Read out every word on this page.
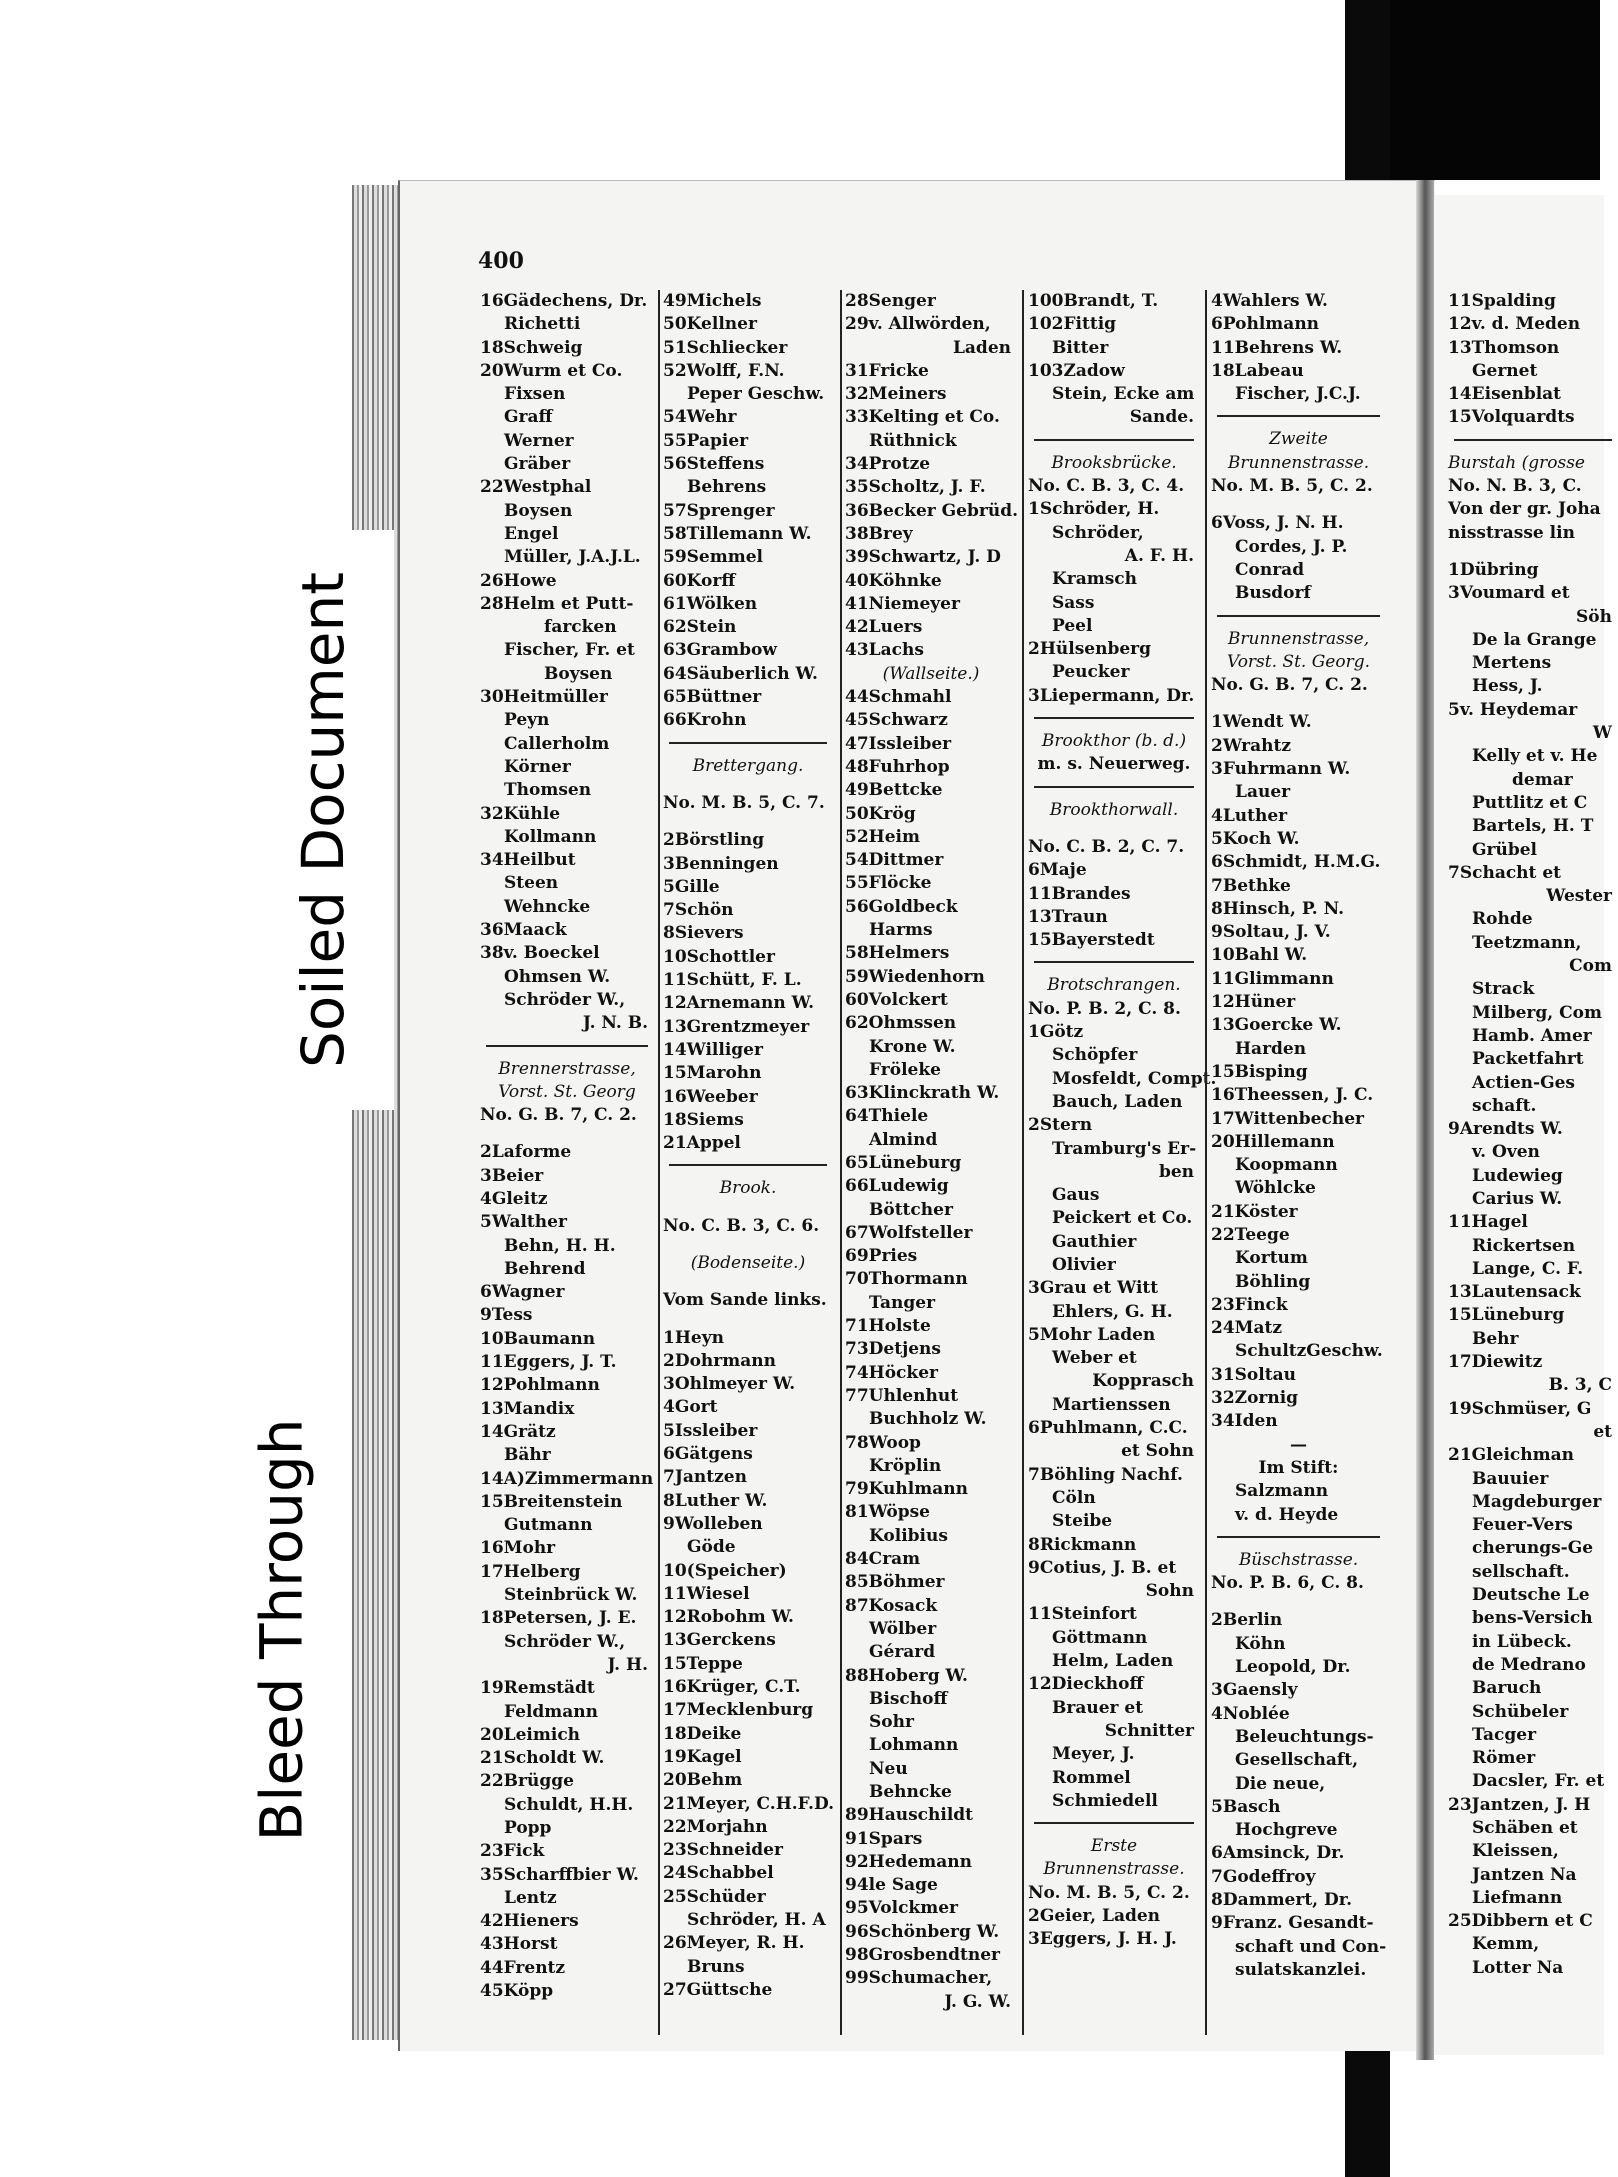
Soiled Document
Bleed Through
400
16Gädechens, Dr.
Richetti
18Schweig
20Wurm et Co.
Fixsen
Graff
Werner
Gräber
22Westphal
Boysen
Engel
Müller, J.A.J.L.
26Howe
28Helm et Putt-
farcken
Fischer, Fr. et
Boysen
30Heitmüller
Peyn
Callerholm
Körner
Thomsen
32Kühle
Kollmann
34Heilbut
Steen
Wehncke
36Maack
38v. Boeckel
Ohmsen W.
Schröder W.,
J. N. B.
Brennerstrasse,
Vorst. St. Georg
No. G. B. 7, C. 2.
2Laforme
3Beier
4Gleitz
5Walther
Behn, H. H.
Behrend
6Wagner
9Tess
10Baumann
11Eggers, J. T.
12Pohlmann
13Mandix
14Grätz
Bähr
14A)Zimmermann
15Breitenstein
Gutmann
16Mohr
17Helberg
Steinbrück W.
18Petersen, J. E.
Schröder W.,
J. H.
19Remstädt
Feldmann
20Leimich
21Scholdt W.
22Brügge
Schuldt, H.H.
Popp
23Fick
35Scharffbier W.
Lentz
42Hieners
43Horst
44Frentz
45Köpp
49Michels
50Kellner
51Schliecker
52Wolff, F.N.
Peper Geschw.
54Wehr
55Papier
56Steffens
Behrens
57Sprenger
58Tillemann W.
59Semmel
60Korff
61Wölken
62Stein
63Grambow
64Säuberlich W.
65Büttner
66Krohn
Brettergang.
No. M. B. 5, C. 7.
2Börstling
3Benningen
5Gille
7Schön
8Sievers
10Schottler
11Schütt, F. L.
12Arnemann W.
13Grentzmeyer
14Williger
15Marohn
16Weeber
18Siems
21Appel
Brook.
No. C. B. 3, C. 6.
(Bodenseite.)
Vom Sande links.
1Heyn
2Dohrmann
3Ohlmeyer W.
4Gort
5Issleiber
6Gätgens
7Jantzen
8Luther W.
9Wolleben
Göde
10(Speicher)
11Wiesel
12Robohm W.
13Gerckens
15Teppe
16Krüger, C.T.
17Mecklenburg
18Deike
19Kagel
20Behm
21Meyer, C.H.F.D.
22Morjahn
23Schneider
24Schabbel
25Schüder
Schröder, H. A
26Meyer, R. H.
Bruns
27Güttsche
28Senger
29v. Allwörden,
Laden
31Fricke
32Meiners
33Kelting et Co.
Rüthnick
34Protze
35Scholtz, J. F.
36Becker Gebrüd.
38Brey
39Schwartz, J. D
40Köhnke
41Niemeyer
42Luers
43Lachs
(Wallseite.)
44Schmahl
45Schwarz
47Issleiber
48Fuhrhop
49Bettcke
50Krög
52Heim
54Dittmer
55Flöcke
56Goldbeck
Harms
58Helmers
59Wiedenhorn
60Volckert
62Ohmssen
Krone W.
Fröleke
63Klinckrath W.
64Thiele
Almind
65Lüneburg
66Ludewig
Böttcher
67Wolfsteller
69Pries
70Thormann
Tanger
71Holste
73Detjens
74Höcker
77Uhlenhut
Buchholz W.
78Woop
Kröplin
79Kuhlmann
81Wöpse
Kolibius
84Cram
85Böhmer
87Kosack
Wölber
Gérard
88Hoberg W.
Bischoff
Sohr
Lohmann
Neu
Behncke
89Hauschildt
91Spars
92Hedemann
94le Sage
95Volckmer
96Schönberg W.
98Grosbendtner
99Schumacher,
J. G. W.
100Brandt, T.
102Fittig
Bitter
103Zadow
Stein, Ecke am
Sande.
Brooksbrücke.
No. C. B. 3, C. 4.
1Schröder, H.
Schröder,
A. F. H.
Kramsch
Sass
Peel
2Hülsenberg
Peucker
3Liepermann, Dr.
Brookthor (b. d.)
m. s. Neuerweg.
Brookthorwall.
No. C. B. 2, C. 7.
6Maje
11Brandes
13Traun
15Bayerstedt
Brotschrangen.
No. P. B. 2, C. 8.
1Götz
Schöpfer
Mosfeldt, Compt.
Bauch, Laden
2Stern
Tramburg's Er-
ben
Gaus
Peickert et Co.
Gauthier
Olivier
3Grau et Witt
Ehlers, G. H.
5Mohr Laden
Weber et
Kopprasch
Martienssen
6Puhlmann, C.C.
et Sohn
7Böhling Nachf.
Cöln
Steibe
8Rickmann
9Cotius, J. B. et
Sohn
11Steinfort
Göttmann
Helm, Laden
12Dieckhoff
Brauer et
Schnitter
Meyer, J.
Rommel
Schmiedell
Erste
Brunnenstrasse.
No. M. B. 5, C. 2.
2Geier, Laden
3Eggers, J. H. J.
4Wahlers W.
6Pohlmann
11Behrens W.
18Labeau
Fischer, J.C.J.
Zweite
Brunnenstrasse.
No. M. B. 5, C. 2.
6Voss, J. N. H.
Cordes, J. P.
Conrad
Busdorf
Brunnenstrasse,
Vorst. St. Georg.
No. G. B. 7, C. 2.
1Wendt W.
2Wrahtz
3Fuhrmann W.
Lauer
4Luther
5Koch W.
6Schmidt, H.M.G.
7Bethke
8Hinsch, P. N.
9Soltau, J. V.
10Bahl W.
11Glimmann
12Hüner
13Goercke W.
Harden
15Bisping
16Theessen, J. C.
17Wittenbecher
20Hillemann
Koopmann
Wöhlcke
21Köster
22Teege
Kortum
Böhling
23Finck
24Matz
SchultzGeschw.
31Soltau
32Zornig
34Iden
—
Im Stift:
Salzmann
v. d. Heyde
Büschstrasse.
No. P. B. 6, C. 8.
2Berlin
Köhn
Leopold, Dr.
3Gaensly
4Noblée
Beleuchtungs-
Gesellschaft,
Die neue,
5Basch
Hochgreve
6Amsinck, Dr.
7Godeffroy
8Dammert, Dr.
9Franz. Gesandt-
schaft und Con-
sulatskanzlei.
11Spalding
12v. d. Meden
13Thomson
Gernet
14Eisenblat
15Volquardts
Burstah (grosse
No. N. B. 3, C.
Von der gr. Joha
nisstrasse lin
1Dübring
3Voumard et
Söh
De la Grange
Mertens
Hess, J.
5v. Heydemar
W
Kelly et v. He
demar
Puttlitz et C
Bartels, H. T
Grübel
7Schacht et
Wester
Rohde
Teetzmann,
Com
Strack
Milberg, Com
Hamb. Amer
Packetfahrt
Actien-Ges
schaft.
9Arendts W.
v. Oven
Ludewieg
Carius W.
11Hagel
Rickertsen
Lange, C. F.
13Lautensack
15Lüneburg
Behr
17Diewitz
B. 3, C
19Schmüser, G
et
21Gleichman
Bauuier
Magdeburger
Feuer-Vers
cherungs-Ge
sellschaft.
Deutsche Le
bens-Versich
in Lübeck.
de Medrano
Baruch
Schübeler
Tacger
Römer
Dacsler, Fr. et
23Jantzen, J. H
Schäben et
Kleissen,
Jantzen Na
Liefmann
25Dibbern et C
Kemm,
Lotter Na
